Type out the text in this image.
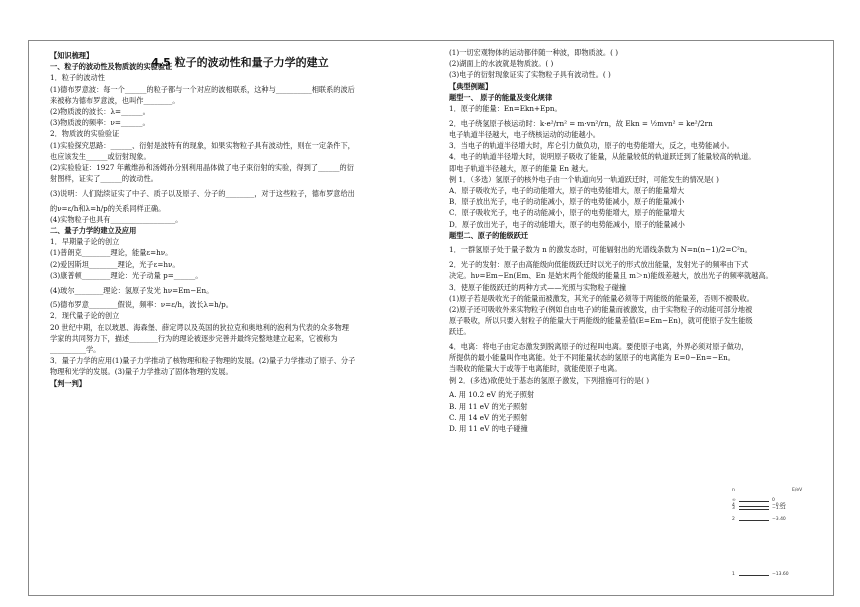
4.5 粒子的波动性和量子力学的建立

【知识梳理】

一、粒子的波动性及物质波的实验验证

1．粒子的波动性

(1)德布罗意波：每一个______的粒子都与一个对应的波相联系，这种与__________相联系的波后

来被称为德布罗意波，也叫作________。

(2)物质波的波长：λ=______。

(3)物质波的频率：ν=______。

2．物质波的实验验证

(1)实验探究思路：______、衍射是波特有的现象，如果实物粒子具有波动性，则在一定条件下，

也应该发生______或衍射现象。

(2)实验验证：1927 年戴维孙和汤姆孙分别利用晶体做了电子束衍射的实验，得到了______的衍

射图样，证实了______的波动性。

(3)说明：人们陆续证实了中子、质子以及原子、分子的________，对于这些粒子，德布罗意给出

的ν=ε/h和λ=h/p的关系同样正确。

(4)实物粒子也具有__________________。

二、量子力学的建立及应用

1．早期量子论的创立

(1)普朗克________理论，能量ε=hν。

(2)爱因斯坦________理论，光子ε=hν。

(3)康普顿________理论：光子动量 p=______。

(4)玻尔________理论：氢原子发光 hν=Em−En。

(5)德布罗意________假说，频率：ν=ε/h，波长λ=h/p。

2．现代量子论的创立

20 世纪中期，在以玻恩、海森堡、薛定谔以及英国的狄拉克和奥地利的泡利为代表的众多物理

学家的共同努力下，描述________行为的理论被逐步完善并最终完整地建立起来，它被称为

__________学。

3．量子力学的应用(1)量子力学推动了核物理和粒子物理的发展。(2)量子力学推动了原子、分子

物理和光学的发展。(3)量子力学推动了固体物理的发展。

【判一判】

(1)一切宏观物体的运动都伴随一种波，即物质波。( )

(2)湖面上的水波就是物质波。( )

(3)电子的衍射现象证实了实物粒子具有波动性。( )

【典型例题】

题型一、 原子的能量及变化规律

1．原子的能量：En=Ekn+Epn。

2．电子绕氢原子核运动时：k·e²/rn² = m·vn²/rn，故 Ekn = ½mvn² = ke²/2rn

电子轨道半径越大，电子绕核运动的动能越小。

3．当电子的轨道半径增大时，库仑引力做负功，原子的电势能增大，反之，电势能减小。

4．电子的轨道半径增大时，说明原子吸收了能量，从能量较低的轨道跃迁到了能量较高的轨道。

即电子轨道半径越大，原子的能量 En 越大。

例 1．（多选）氢原子的核外电子由一个轨道向另一轨道跃迁时，可能发生的情况是( )

A．原子吸收光子，电子的动能增大，原子的电势能增大，原子的能量增大

B．原子放出光子，电子的动能减小，原子的电势能减小，原子的能量减小

C．原子吸收光子，电子的动能减小，原子的电势能增大，原子的能量增大

D．原子放出光子，电子的动能增大，原子的电势能减小，原子的能量减小

题型二、原子的能级跃迁

1．一群氢原子处于量子数为 n 的激发态时，可能辐射出的光谱线条数为 N=n(n−1)/2=C²n。

2．光子的发射：原子由高能级向低能级跃迁时以光子的形式放出能量，发射光子的频率由下式

决定。hν=Em−En(Em、En 是始末两个能级的能量且 m＞n)能级差越大，放出光子的频率就越高。

3．使原子能级跃迁的两种方式——光照与实物粒子碰撞

(1)原子若是吸收光子的能量而被激发，其光子的能量必须等于两能级的能量差，否则不被吸收。

(2)原子还可吸收外来实物粒子(例如自由电子)的能量而被激发，由于实物粒子的动能可部分地被

原子吸收，所以只要入射粒子的能量大于两能级的能量差值(E=Em−En)，就可使原子发生能级

跃迁。

4．电离：将电子由定态激发到脱离原子的过程叫电离。要使原子电离，外界必须对原子做功，

所提供的最小能量叫作电离能。处于不同能量状态的氢原子的电离能为 E=0−En=−En。

当吸收的能量大于或等于电离能时，就能使原子电离。

例 2．(多选)欲使处于基态的氢原子激发，下列措施可行的是( )

A. 用 10.2 eV 的光子照射

B. 用 11 eV 的光子照射

C. 用 14 eV 的光子照射

D. 用 11 eV 的电子碰撞

n	E/eV
∞	0
4	−0.85
3	−1.51
2	−3.40
1	−13.60
